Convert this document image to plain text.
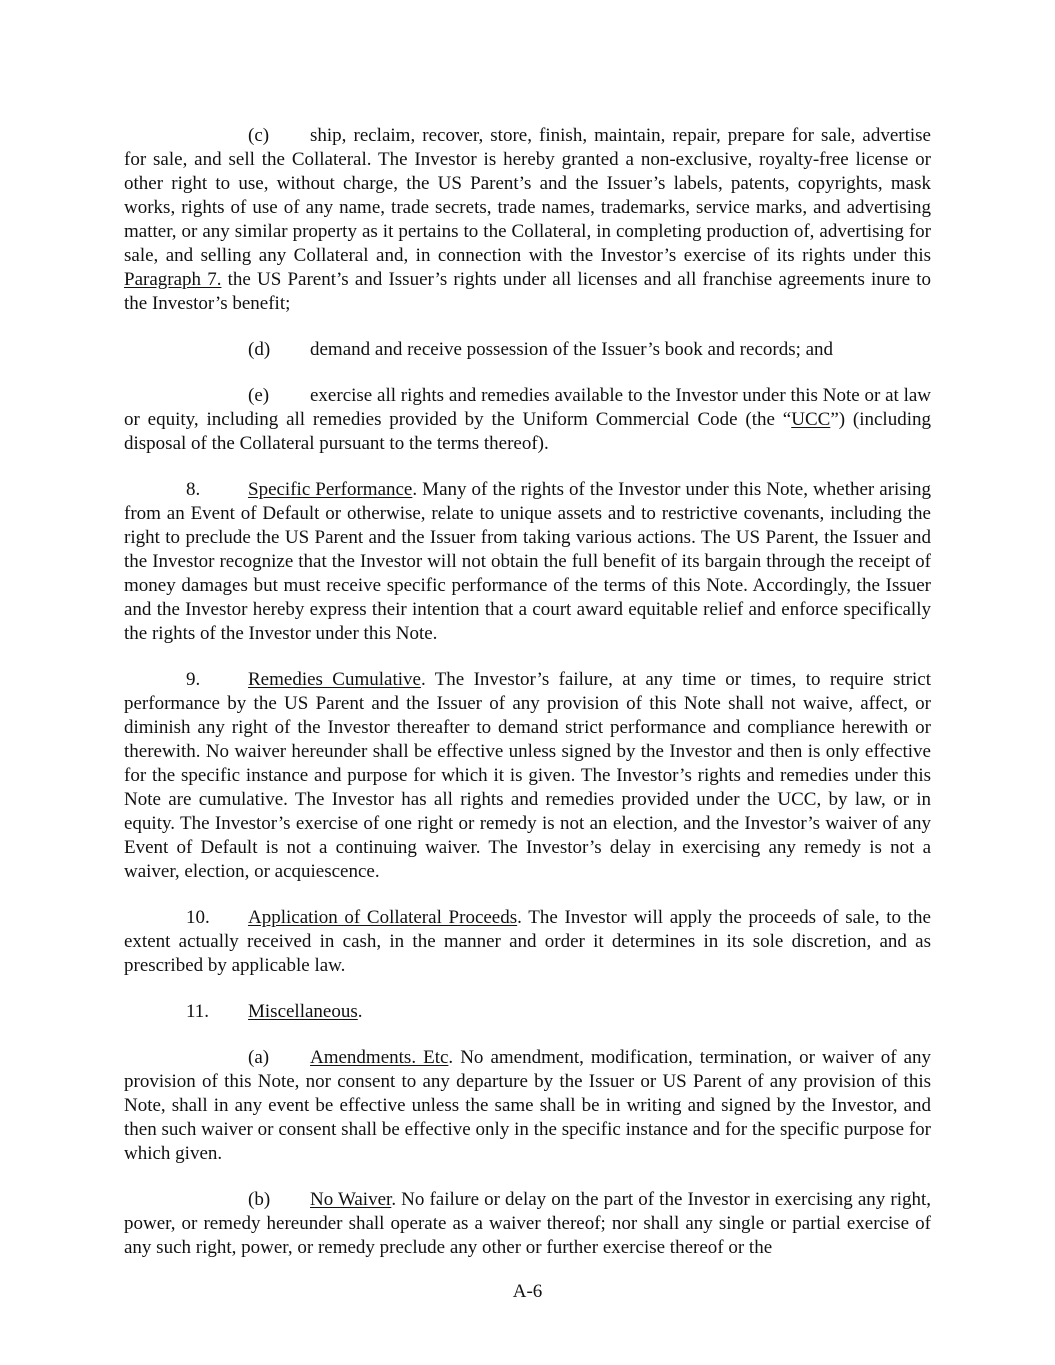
(c) ship, reclaim, recover, store, finish, maintain, repair, prepare for sale, advertise for sale, and sell the Collateral. The Investor is hereby granted a non-exclusive, royalty-free license or other right to use, without charge, the US Parent’s and the Issuer’s labels, patents, copyrights, mask works, rights of use of any name, trade secrets, trade names, trademarks, service marks, and advertising matter, or any similar property as it pertains to the Collateral, in completing production of, advertising for sale, and selling any Collateral and, in connection with the Investor’s exercise of its rights under this Paragraph 7. the US Parent’s and Issuer’s rights under all licenses and all franchise agreements inure to the Investor’s benefit;

(d) demand and receive possession of the Issuer’s book and records; and

(e) exercise all rights and remedies available to the Investor under this Note or at law or equity, including all remedies provided by the Uniform Commercial Code (the “UCC”) (including disposal of the Collateral pursuant to the terms thereof).

8.	Specific Performance. Many of the rights of the Investor under this Note, whether arising from an Event of Default or otherwise, relate to unique assets and to restrictive covenants, including the right to preclude the US Parent and the Issuer from taking various actions. The US Parent, the Issuer and the Investor recognize that the Investor will not obtain the full benefit of its bargain through the receipt of money damages but must receive specific performance of the terms of this Note. Accordingly, the Issuer and the Investor hereby express their intention that a court award equitable relief and enforce specifically the rights of the Investor under this Note.

9.	Remedies Cumulative. The Investor’s failure, at any time or times, to require strict performance by the US Parent and the Issuer of any provision of this Note shall not waive, affect, or diminish any right of the Investor thereafter to demand strict performance and compliance herewith or therewith. No waiver hereunder shall be effective unless signed by the Investor and then is only effective for the specific instance and purpose for which it is given. The Investor’s rights and remedies under this Note are cumulative. The Investor has all rights and remedies provided under the UCC, by law, or in equity. The Investor’s exercise of one right or remedy is not an election, and the Investor’s waiver of any Event of Default is not a continuing waiver. The Investor’s delay in exercising any remedy is not a waiver, election, or acquiescence.

10. Application of Collateral Proceeds. The Investor will apply the proceeds of sale, to the extent actually received in cash, in the manner and order it determines in its sole discretion, and as prescribed by applicable law.

11. Miscellaneous.

(a) Amendments. Etc. No amendment, modification, termination, or waiver of any provision of this Note, nor consent to any departure by the Issuer or US Parent of any provision of this Note, shall in any event be effective unless the same shall be in writing and signed by the Investor, and then such waiver or consent shall be effective only in the specific instance and for the specific purpose for which given.

(b) No Waiver. No failure or delay on the part of the Investor in exercising any right, power, or remedy hereunder shall operate as a waiver thereof; nor shall any single or partial exercise of any such right, power, or remedy preclude any other or further exercise thereof or the

A-6
